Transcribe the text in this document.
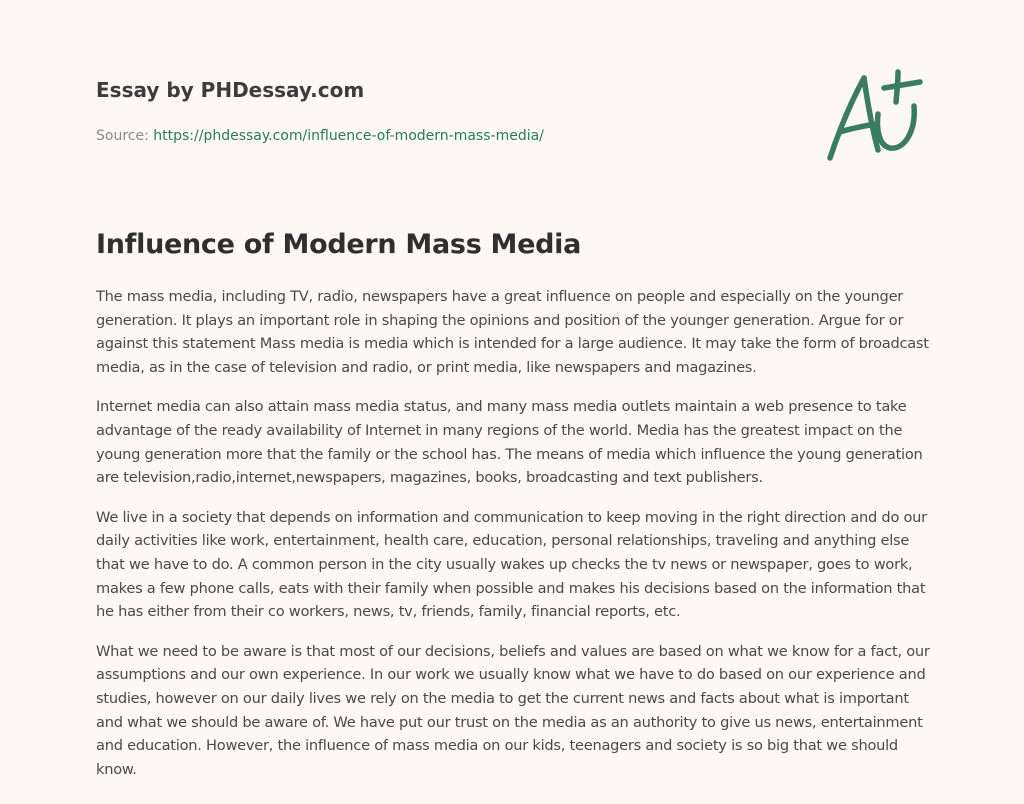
Essay by PHDessay.com
Source: https://phdessay.com/influence-of-modern-mass-media/
Influence of Modern Mass Media

The mass media, including TV, radio, newspapers have a great influence on people and especially on the younger generation. It plays an important role in shaping the opinions and position of the younger generation. Argue for or against this statement Mass media is media which is intended for a large audience. It may take the form of broadcast media, as in the case of television and radio, or print media, like newspapers and magazines.

Internet media can also attain mass media status, and many mass media outlets maintain a web presence to take advantage of the ready availability of Internet in many regions of the world. Media has the greatest impact on the young generation more that the family or the school has. The means of media which influence the young generation are television,radio,internet,newspapers, magazines, books, broadcasting and text publishers.

We live in a society that depends on information and communication to keep moving in the right direction and do our daily activities like work, entertainment, health care, education, personal relationships, traveling and anything else that we have to do. A common person in the city usually wakes up checks the tv news or newspaper, goes to work, makes a few phone calls, eats with their family when possible and makes his decisions based on the information that he has either from their co workers, news, tv, friends, family, financial reports, etc.

What we need to be aware is that most of our decisions, beliefs and values are based on what we know for a fact, our assumptions and our own experience. In our work we usually know what we have to do based on our experience and studies, however on our daily lives we rely on the media to get the current news and facts about what is important and what we should be aware of. We have put our trust on the media as an authority to give us news, entertainment and education. However, the influence of mass media on our kids, teenagers and society is so big that we should know.
